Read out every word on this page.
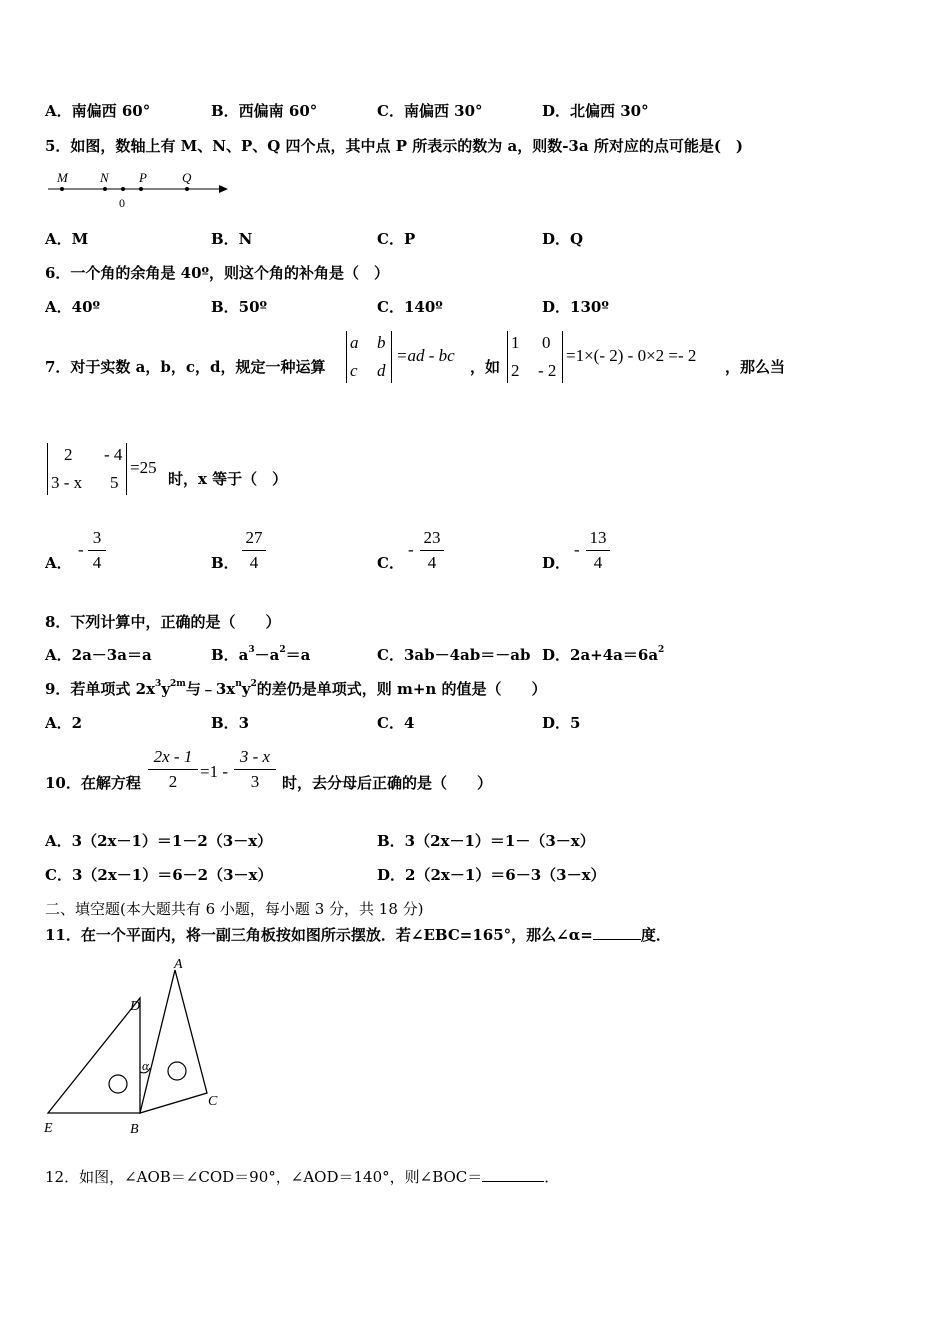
A．南偏西 60°	B．西偏南 60°	C．南偏西 30°	D．北偏西 30°
5．如图，数轴上有 M、N、P、Q 四个点，其中点 P 所表示的数为 a，则数-3a 所对应的点可能是(　)
M N P	Q
0
A．M	B．N	C．P	D．Q
6．一个角的余角是 40º，则这个角的补角是（　）
A．40º	B．50º	C．140º	D．130º
7．对于实数 a，b，c，d，规定一种运算
a b
c d
=ad - bc
，如
1 0
2 - 2
=1×(- 2) - 0×2 =- 2
，那么当
2 - 4
3 - x 5
=25
时，x 等于（　）
A．
-
3
4	B．
27
4	C．
-
23
4	D．
-
13
4
8．下列计算中，正确的是（　　）
A．2a－3a＝a	B．$a^3-a^2=a$	C．3ab－4ab＝－ab D．$2a+4a=6a^2$
9．若单项式 $2x^3y^{2m}$与$﹣3x^ny^2$的差仍是单项式，则 m+n 的值是（　　）
A．2	B．3	C．4	D．5
10．在解方程
2x - 1
2
=1 -
3 - x
3	时，去分母后正确的是（　　）
A．3（2x－1）＝1－2（3－x）	B．3（2x－1）＝1－（3－x）
C．3（2x－1）＝6－2（3－x）	D．2（2x－1）＝6－3（3－x）
二、填空题(本大题共有 6 小题，每小题 3 分，共 18 分)
11．在一个平面内，将一副三角板按如图所示摆放．若∠EBC=165°，那么∠α=	度．
A
D
α
C
E	B
12．如图，∠AOB＝∠COD＝90°，∠AOD＝140°，则∠BOC＝	．
